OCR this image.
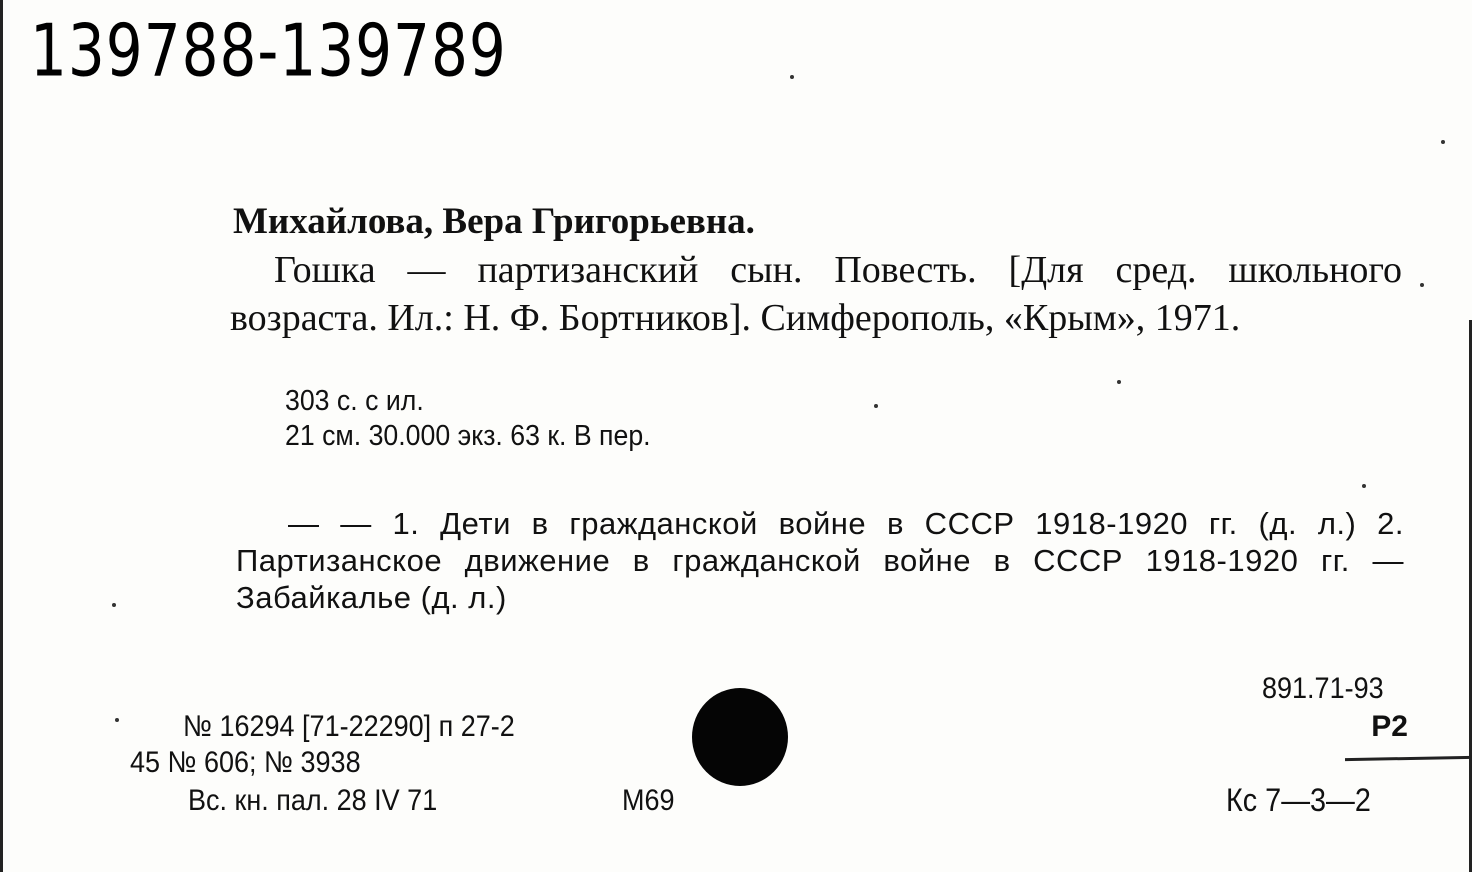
139788-139789
Михайлова, Вера Григорьевна.
Гошка — партизанский сын. Повесть. [Для сред. школьного возраста. Ил.: Н. Ф. Бортников]. Симферополь, «Крым», 1971.
303 с. с ил.
21 см. 30.000 экз. 63 к. В пер.
— — 1. Дети в гражданской войне в СССР 1918-1920 гг. (д. л.) 2. Партизанское движение в гражданской войне в СССР 1918-1920 гг. — Забайкалье (д. л.)
№ 16294 [71-22290] п 27-2
45 № 606; № 3938
Вс. кн. пал. 28 IV 71	М69
891.71-93
Р2
Кс 7—3—2
